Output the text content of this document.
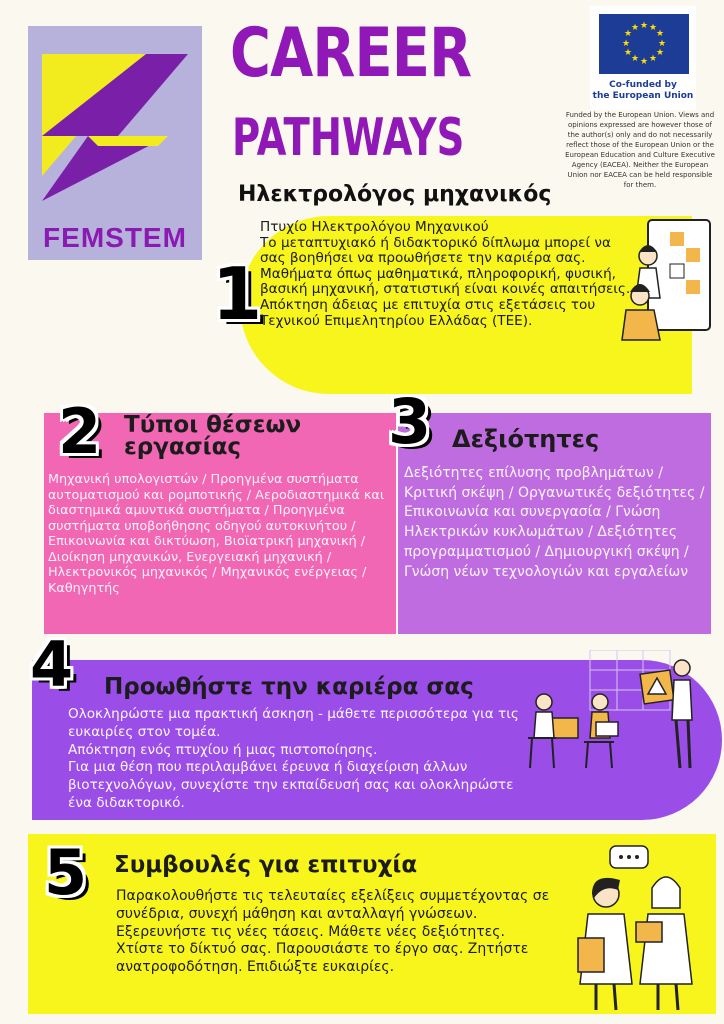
FEMSTEM
CAREER
PATHWAYS
Ηλεκτρολόγος μηχανικός
★ ★
★
★
★
★
★
★
★
★
★
★
Co-funded by
the European Union
Funded by the European Union. Views and opinions expressed are however those of the author(s) only and do not necessarily reflect those of the European Union or the European Education and Culture Executive Agency (EACEA). Neither the European Union nor EACEA can be held responsible for them.
1
Πτυχίο Ηλεκτρολόγου Μηχανικού
Το μεταπτυχιακό ή διδακτορικό δίπλωμα μπορεί να σας βοηθήσει να προωθήσετε την καριέρα σας.
Μαθήματα όπως μαθηματικά, πληροφορική, φυσική, βασική μηχανική, στατιστική είναι κοινές απαιτήσεις.
Απόκτηση άδειας με επιτυχία στις εξετάσεις του Τεχνικού Επιμελητηρίου Ελλάδας (ΤΕΕ).
2 Τύποι θέσεων εργασίας
Μηχανική υπολογιστών / Προηγμένα συστήματα αυτοματισμού και ρομποτικής / Αεροδιαστημικά και διαστημικά αμυντικά συστήματα / Προηγμένα συστήματα υποβοήθησης οδηγού αυτοκινήτου / Επικοινωνία και δικτύωση, Βιοϊατρική μηχανική / Διοίκηση μηχανικών, Ενεργειακή μηχανική / Ηλεκτρονικός μηχανικός / Μηχανικός ενέργειας / Καθηγητής
3 Δεξιότητες
Δεξιότητες επίλυσης προβλημάτων / Κριτική σκέψη / Οργανωτικές δεξιότητες / Επικοινωνία και συνεργασία / Γνώση Ηλεκτρικών κυκλωμάτων / Δεξιότητες προγραμματισμού / Δημιουργική σκέψη / Γνώση νέων τεχνολογιών και εργαλείων
4 Προωθήστε την καριέρα σας
Ολοκληρώστε μια πρακτική άσκηση - μάθετε περισσότερα για τις ευκαιρίες στον τομέα.
Απόκτηση ενός πτυχίου ή μιας πιστοποίησης.
Για μια θέση που περιλαμβάνει έρευνα ή διαχείριση άλλων βιοτεχνολόγων, συνεχίστε την εκπαίδευσή σας και ολοκληρώστε ένα διδακτορικό.
5 Συμβουλές για επιτυχία
Παρακολουθήστε τις τελευταίες εξελίξεις συμμετέχοντας σε συνέδρια, συνεχή μάθηση και ανταλλαγή γνώσεων. Εξερευνήστε τις νέες τάσεις. Μάθετε νέες δεξιότητες. Χτίστε το δίκτυό σας. Παρουσιάστε το έργο σας. Ζητήστε ανατροφοδότηση. Επιδιώξτε ευκαιρίες.
